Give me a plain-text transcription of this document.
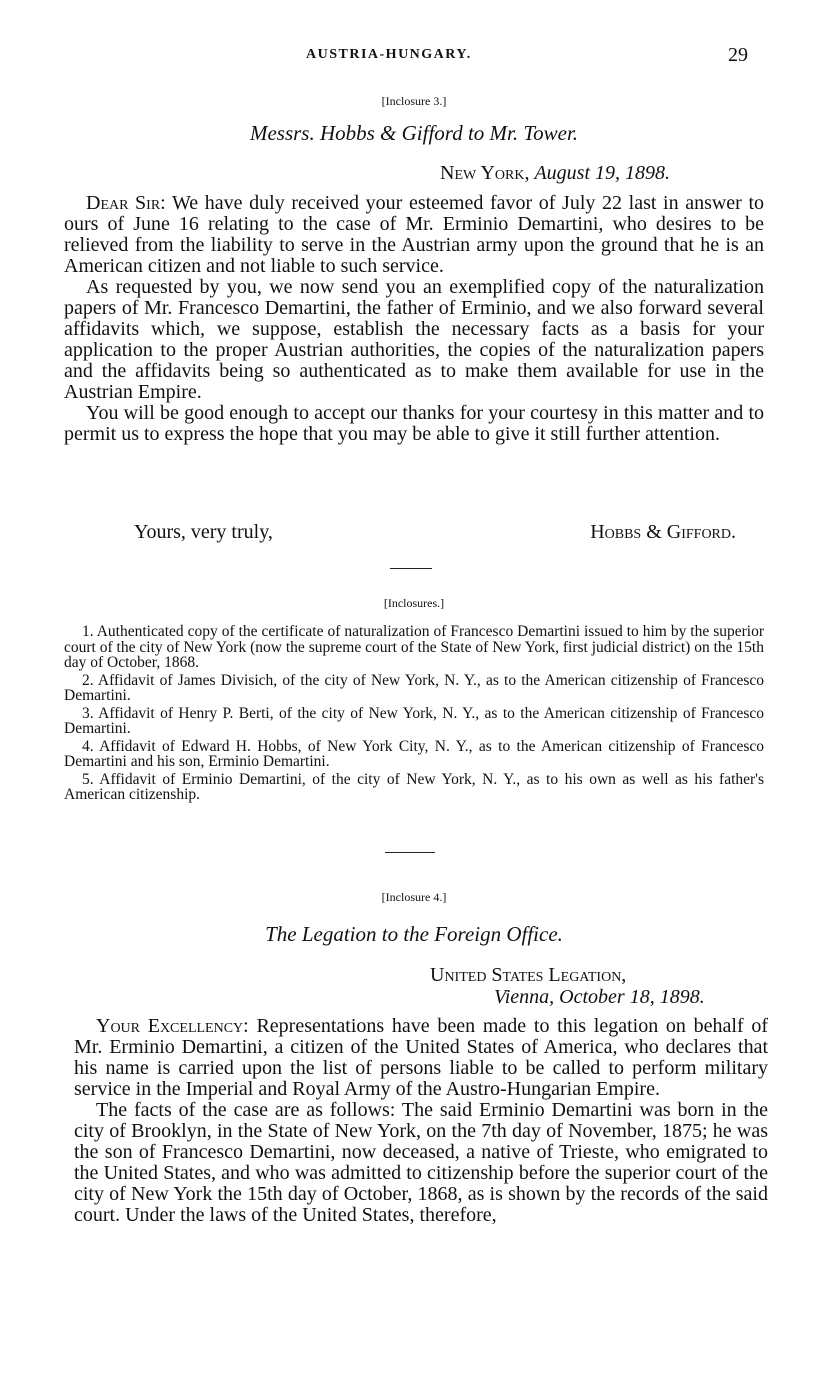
AUSTRIA-HUNGARY.	29
[Inclosure 3.]
Messrs. Hobbs & Gifford to Mr. Tower.
New York, August 19, 1898.

Dear Sir: We have duly received your esteemed favor of July 22 last in answer to ours of June 16 relating to the case of Mr. Erminio Demartini, who desires to be relieved from the liability to serve in the Austrian army upon the ground that he is an American citizen and not liable to such service.

As requested by you, we now send you an exemplified copy of the naturalization papers of Mr. Francesco Demartini, the father of Erminio, and we also forward several affidavits which, we suppose, establish the necessary facts as a basis for your application to the proper Austrian authorities, the copies of the naturalization papers and the affidavits being so authenticated as to make them available for use in the Austrian Empire.

You will be good enough to accept our thanks for your courtesy in this matter and to permit us to express the hope that you may be able to give it still further attention.

Yours, very truly,	Hobbs & Gifford.
[Inclosures.]

1. Authenticated copy of the certificate of naturalization of Francesco Demartini issued to him by the superior court of the city of New York (now the supreme court of the State of New York, first judicial district) on the 15th day of October, 1868.

2. Affidavit of James Divisich, of the city of New York, N. Y., as to the American citizenship of Francesco Demartini.

3. Affidavit of Henry P. Berti, of the city of New York, N. Y., as to the American citizenship of Francesco Demartini.

4. Affidavit of Edward H. Hobbs, of New York City, N. Y., as to the American citizenship of Francesco Demartini and his son, Erminio Demartini.

5. Affidavit of Erminio Demartini, of the city of New York, N. Y., as to his own as well as his father's American citizenship.

[Inclosure 4.]
The Legation to the Foreign Office.
United States Legation,
Vienna, October 18, 1898.

Your Excellency: Representations have been made to this legation on behalf of Mr. Erminio Demartini, a citizen of the United States of America, who declares that his name is carried upon the list of persons liable to be called to perform military service in the Imperial and Royal Army of the Austro-Hungarian Empire.

The facts of the case are as follows: The said Erminio Demartini was born in the city of Brooklyn, in the State of New York, on the 7th day of November, 1875; he was the son of Francesco Demartini, now deceased, a native of Trieste, who emigrated to the United States, and who was admitted to citizenship before the superior court of the city of New York the 15th day of October, 1868, as is shown by the records of the said court. Under the laws of the United States, therefore,
